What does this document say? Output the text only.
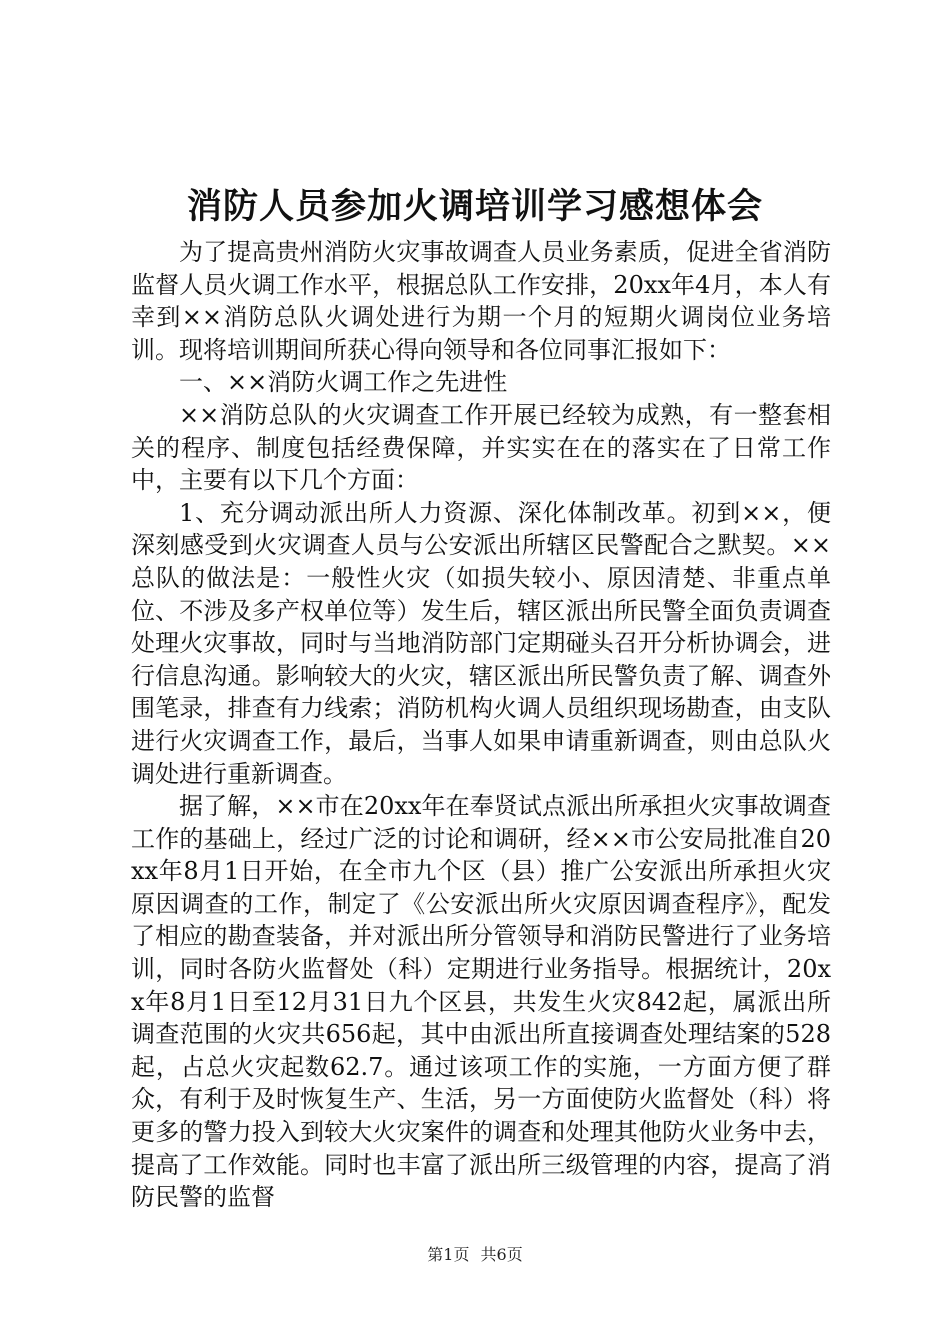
消防人员参加火调培训学习感想体会

为了提高贵州消防火灾事故调查人员业务素质，促进全省消防监督人员火调工作水平，根据总队工作安排，20xx年4月，本人有幸到××消防总队火调处进行为期一个月的短期火调岗位业务培训。现将培训期间所获心得向领导和各位同事汇报如下：

一、××消防火调工作之先进性

××消防总队的火灾调查工作开展已经较为成熟，有一整套相关的程序、制度包括经费保障，并实实在在的落实在了日常工作中，主要有以下几个方面：

1、充分调动派出所人力资源、深化体制改革。初到××，便深刻感受到火灾调查人员与公安派出所辖区民警配合之默契。××总队的做法是：一般性火灾（如损失较小、原因清楚、非重点单位、不涉及多产权单位等）发生后，辖区派出所民警全面负责调查处理火灾事故，同时与当地消防部门定期碰头召开分析协调会，进行信息沟通。影响较大的火灾，辖区派出所民警负责了解、调查外围笔录，排查有力线索；消防机构火调人员组织现场勘查，由支队进行火灾调查工作，最后，当事人如果申请重新调查，则由总队火调处进行重新调查。

据了解，××市在20xx年在奉贤试点派出所承担火灾事故调查工作的基础上，经过广泛的讨论和调研，经××市公安局批准自20xx年8月1日开始，在全市九个区（县）推广公安派出所承担火灾原因调查的工作，制定了《公安派出所火灾原因调查程序》，配发了相应的勘查装备，并对派出所分管领导和消防民警进行了业务培训，同时各防火监督处（科）定期进行业务指导。根据统计，20xx年8月1日至12月31日九个区县，共发生火灾842起，属派出所调查范围的火灾共656起，其中由派出所直接调查处理结案的528起，占总火灾起数62.7。通过该项工作的实施，一方面方便了群众，有利于及时恢复生产、生活，另一方面使防火监督处（科）将更多的警力投入到较大火灾案件的调查和处理其他防火业务中去，提高了工作效能。同时也丰富了派出所三级管理的内容，提高了消防民警的监督

第1页 共6页
